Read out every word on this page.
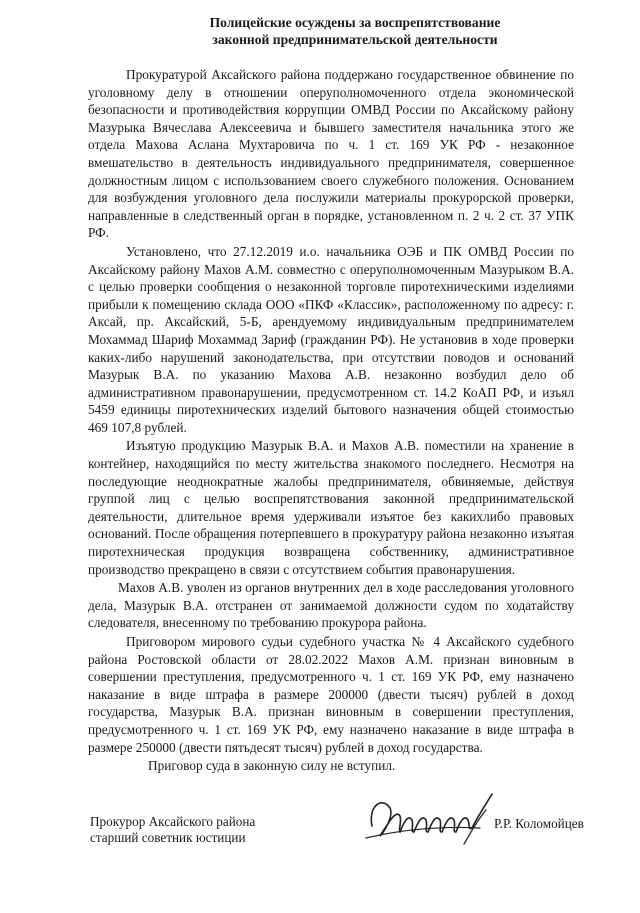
Полицейские осуждены за воспрепятствование
законной предпринимательской деятельности

Прокуратурой Аксайского района поддержано государственное обвинение по уголовному делу в отношении оперуполномоченного отдела экономической безопасности и противодействия коррупции ОМВД России по Аксайскому району Мазурыка Вячеслава Алексеевича и бывшего заместителя начальника этого же отдела Махова Аслана Мухтаровича по ч. 1 ст. 169 УК РФ - незаконное вмешательство в деятельность индивидуального предпринимателя, совершенное должностным лицом с использованием своего служебного положения. Основанием для возбуждения уголовного дела послужили материалы прокурорской проверки, направленные в следственный орган в порядке, установленном п. 2 ч. 2 ст. 37 УПК РФ.

Установлено, что 27.12.2019 и.о. начальника ОЭБ и ПК ОМВД России по Аксайскому району Махов А.М. совместно с оперуполномоченным Мазурыком В.А. с целью проверки сообщения о незаконной торговле пиротехническими изделиями прибыли к помещению склада ООО «ПКФ «Классик», расположенному по адресу: г. Аксай, пр. Аксайский, 5-Б, арендуемому индивидуальным предпринимателем Мохаммад Шариф Мохаммад Зариф (гражданин РФ). Не установив в ходе проверки каких-либо нарушений законодательства, при отсутствии поводов и оснований Мазурык В.А. по указанию Махова А.В. незаконно возбудил дело об административном правонарушении, предусмотренном ст. 14.2 КоАП РФ, и изъял 5459 единицы пиротехнических изделий бытового назначения общей стоимостью 469 107,8 рублей.

Изъятую продукцию Мазурык В.А. и Махов А.В. поместили на хранение в контейнер, находящийся по месту жительства знакомого последнего. Несмотря на последующие неоднократные жалобы предпринимателя, обвиняемые, действуя группой лиц с целью воспрепятствования законной предпринимательской деятельности, длительное время удерживали изъятое без какихлибо правовых оснований. После обращения потерпевшего в прокуратуру района незаконно изъятая пиротехническая продукция возвращена собственнику, административное производство прекращено в связи с отсутствием события правонарушения.

Махов А.В. уволен из органов внутренних дел в ходе расследования уголовного дела, Мазурык В.А. отстранен от занимаемой должности судом по ходатайству следователя, внесенному по требованию прокурора района.

Приговором мирового судьи судебного участка № 4 Аксайского судебного района Ростовской области от 28.02.2022 Махов А.М. признан виновным в совершении преступления, предусмотренного ч. 1 ст. 169 УК РФ, ему назначено наказание в виде штрафа в размере 200000 (двести тысяч) рублей в доход государства, Мазурык В.А. признан виновным в совершении преступления, предусмотренного ч. 1 ст. 169 УК РФ, ему назначено наказание в виде штрафа в размере 250000 (двести пятьдесят тысяч) рублей в доход государства.

Приговор суда в законную силу не вступил.

Прокурор Аксайского района
старший советник юстиции
Р.Р. Коломойцев
